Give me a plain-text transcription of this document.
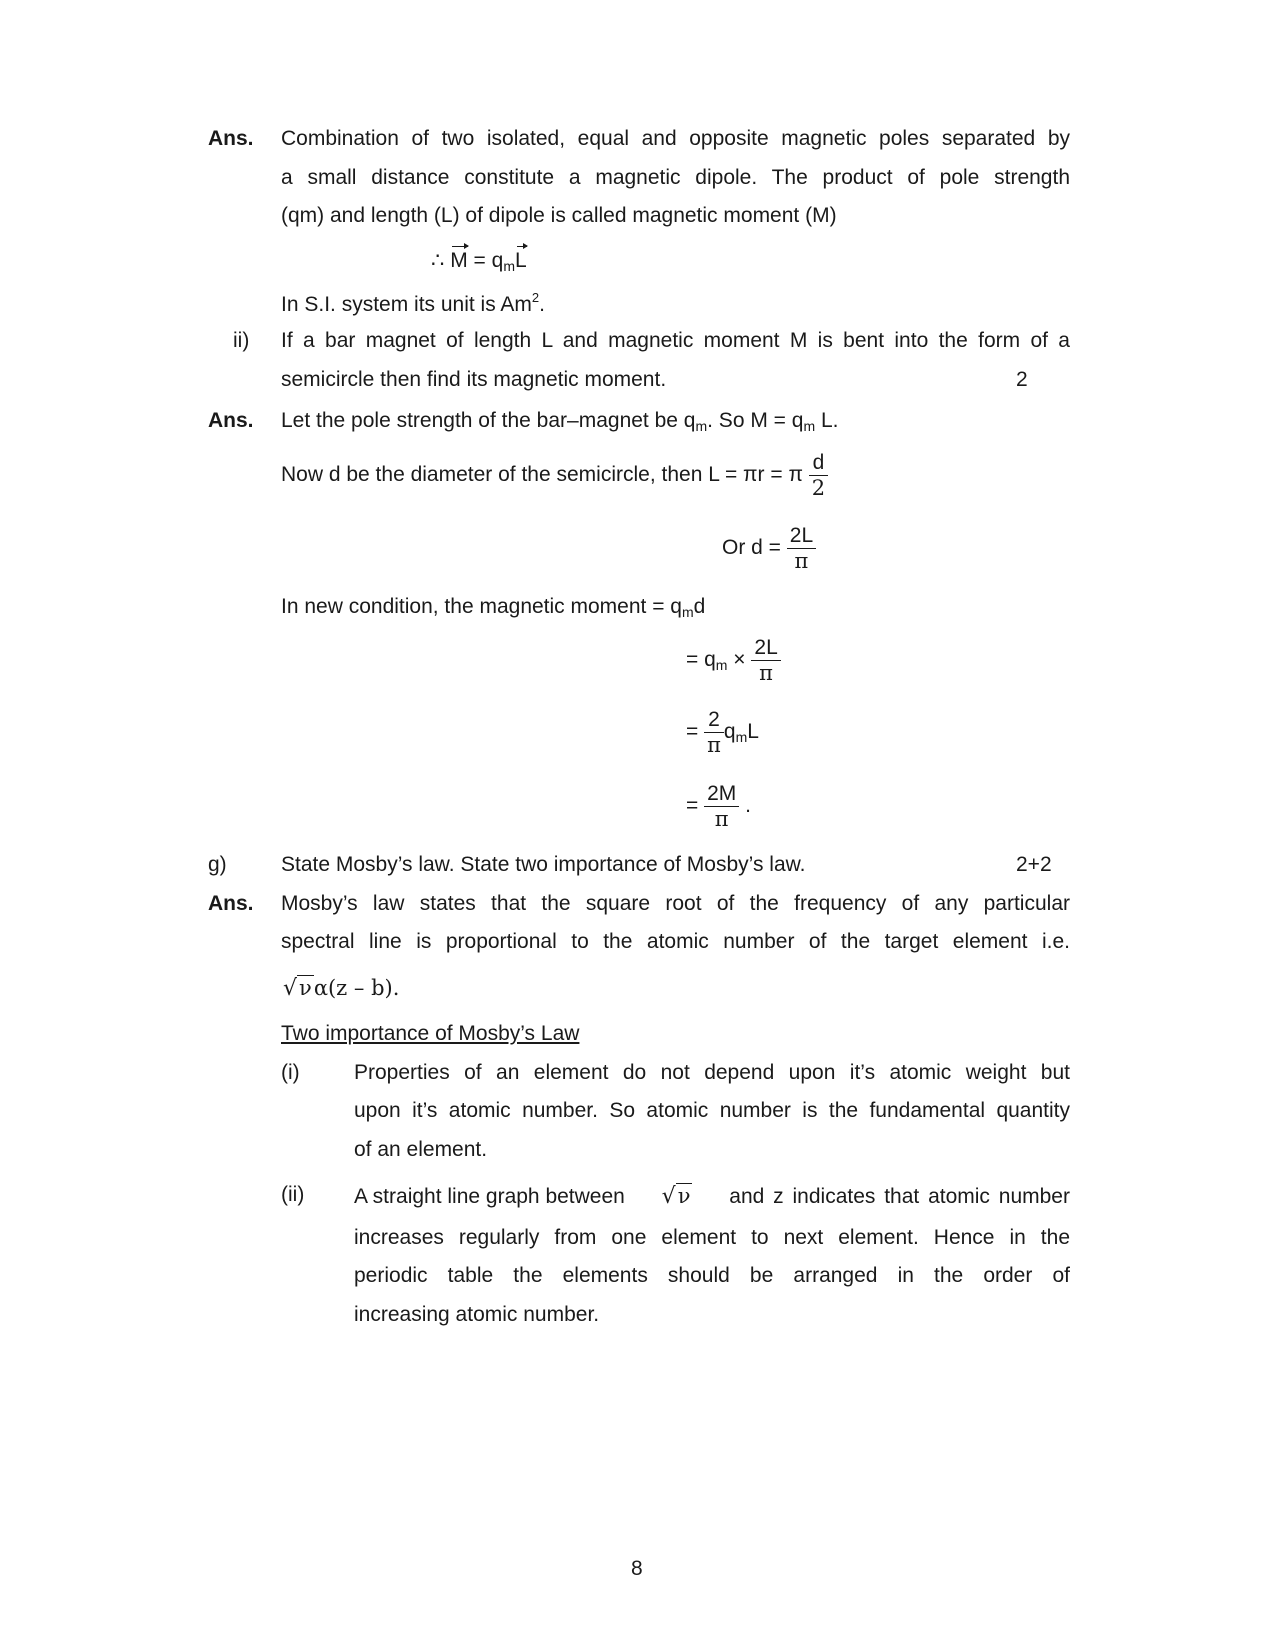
Ans. Combination of two isolated, equal and opposite magnetic poles separated by
a small distance constitute a magnetic dipole. The product of pole strength
(qm) and length (L) of dipole is called magnetic moment (M)
∴ $M = q_mL$
In S.I. system its unit is Am$^2$.
ii) If a bar magnet of length L and magnetic moment M is bent into the form of a
semicircle then find its magnetic moment.	2
Ans. Let the pole strength of the bar–magnet be $q_m$. So $M = q_m$ L.
Now d be the diameter of the semicircle, then L = πr = π $\frac{d}{2}$
Or $d = \frac{2L}{\pi}$
In new condition, the magnetic moment = $q_md$
= $q_m \times \frac{2L}{\pi}$
= $\frac{2}{\pi} q_mL$
= $\frac{2M}{\pi}$ .
g)	State Mosby’s law. State two importance of Mosby’s law.	2+2
Ans. Mosby’s law states that the square root of the frequency of any particular
spectral line is proportional to the atomic number of the target element i.e.
√να(z – b).
Two importance of Mosby’s Law
(i)	Properties of an element do not depend upon it’s atomic weight but
upon it’s atomic number. So atomic number is the fundamental quantity
of an element.
(ii) A straight line graph between √ν and z indicates that atomic number
increases regularly from one element to next element. Hence in the
periodic table the elements should be arranged in the order of
increasing atomic number.
8
